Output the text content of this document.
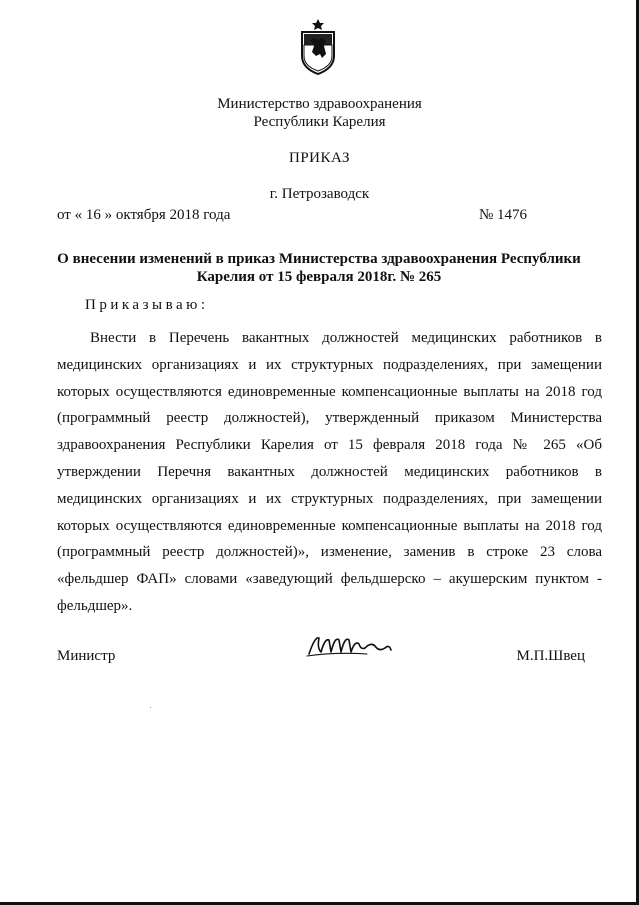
Министерство здравоохранения
Республики Карелия
ПРИКАЗ
г. Петрозаводск
от « 16 » октября 2018 года	№ 1476
О внесении изменений в приказ Министерства здравоохранения Республики
Карелия от 15 февраля 2018г. № 265
Приказываю:
Внести в Перечень вакантных должностей медицинских работников в
медицинских организациях и их структурных подразделениях, при замещении
которых осуществляются единовременные компенсационные выплаты на 2018 год
(программный реестр должностей), утвержденный приказом Министерства
здравоохранения Республики Карелия от 15 февраля 2018 года № 265 «Об
утверждении Перечня вакантных должностей медицинских работников в
медицинских организациях и их структурных подразделениях, при замещении
которых осуществляются единовременные компенсационные выплаты на 2018 год
(программный реестр должностей)», изменение, заменив в строке 23 слова
«фельдшер ФАП» словами «заведующий фельдшерско – акушерским пунктом -
фельдшер».
Министр	М.П.Швец
